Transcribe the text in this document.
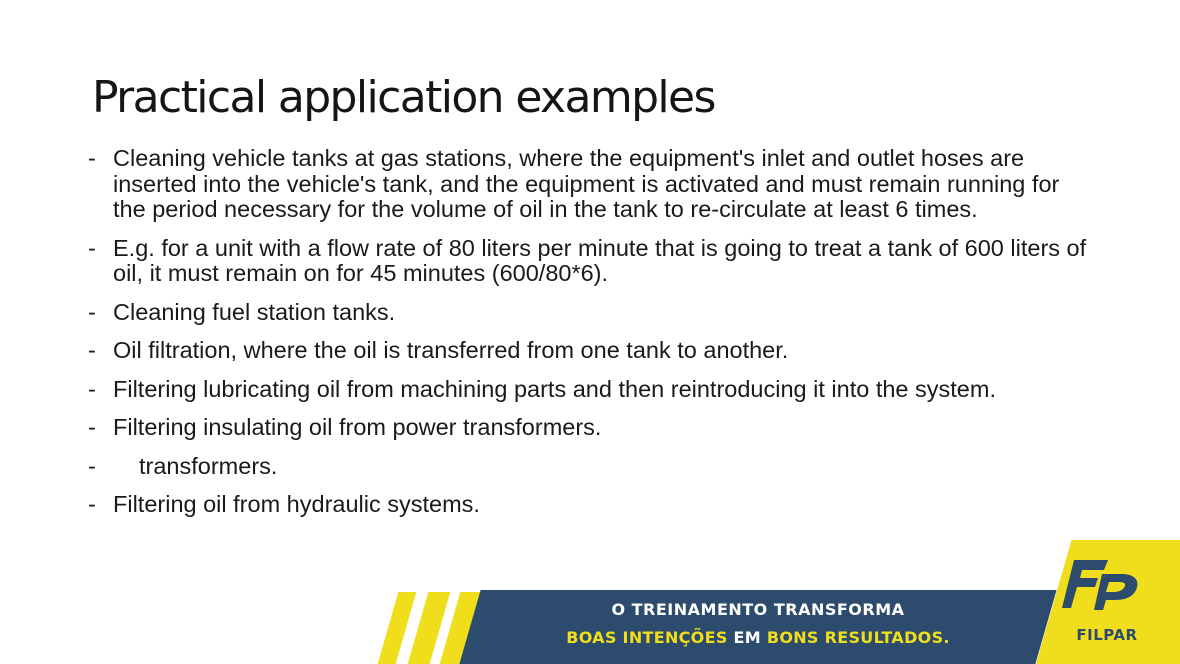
Practical application examples
- Cleaning vehicle tanks at gas stations, where the equipment's inlet and outlet hoses are inserted into the vehicle's tank, and the equipment is activated and must remain running for the period necessary for the volume of oil in the tank to re-circulate at least 6 times.
- E.g. for a unit with a flow rate of 80 liters per minute that is going to treat a tank of 600 liters of oil, it must remain on for 45 minutes (600/80*6).
- Cleaning fuel station tanks.
- Oil filtration, where the oil is transferred from one tank to another.
- Filtering lubricating oil from machining parts and then reintroducing it into the system.
- Filtering insulating oil from power transformers.
- transformers.
- Filtering oil from hydraulic systems.
O TREINAMENTO TRANSFORMA
BOAS INTENÇÕES EM BONS RESULTADOS.	FILPAR
